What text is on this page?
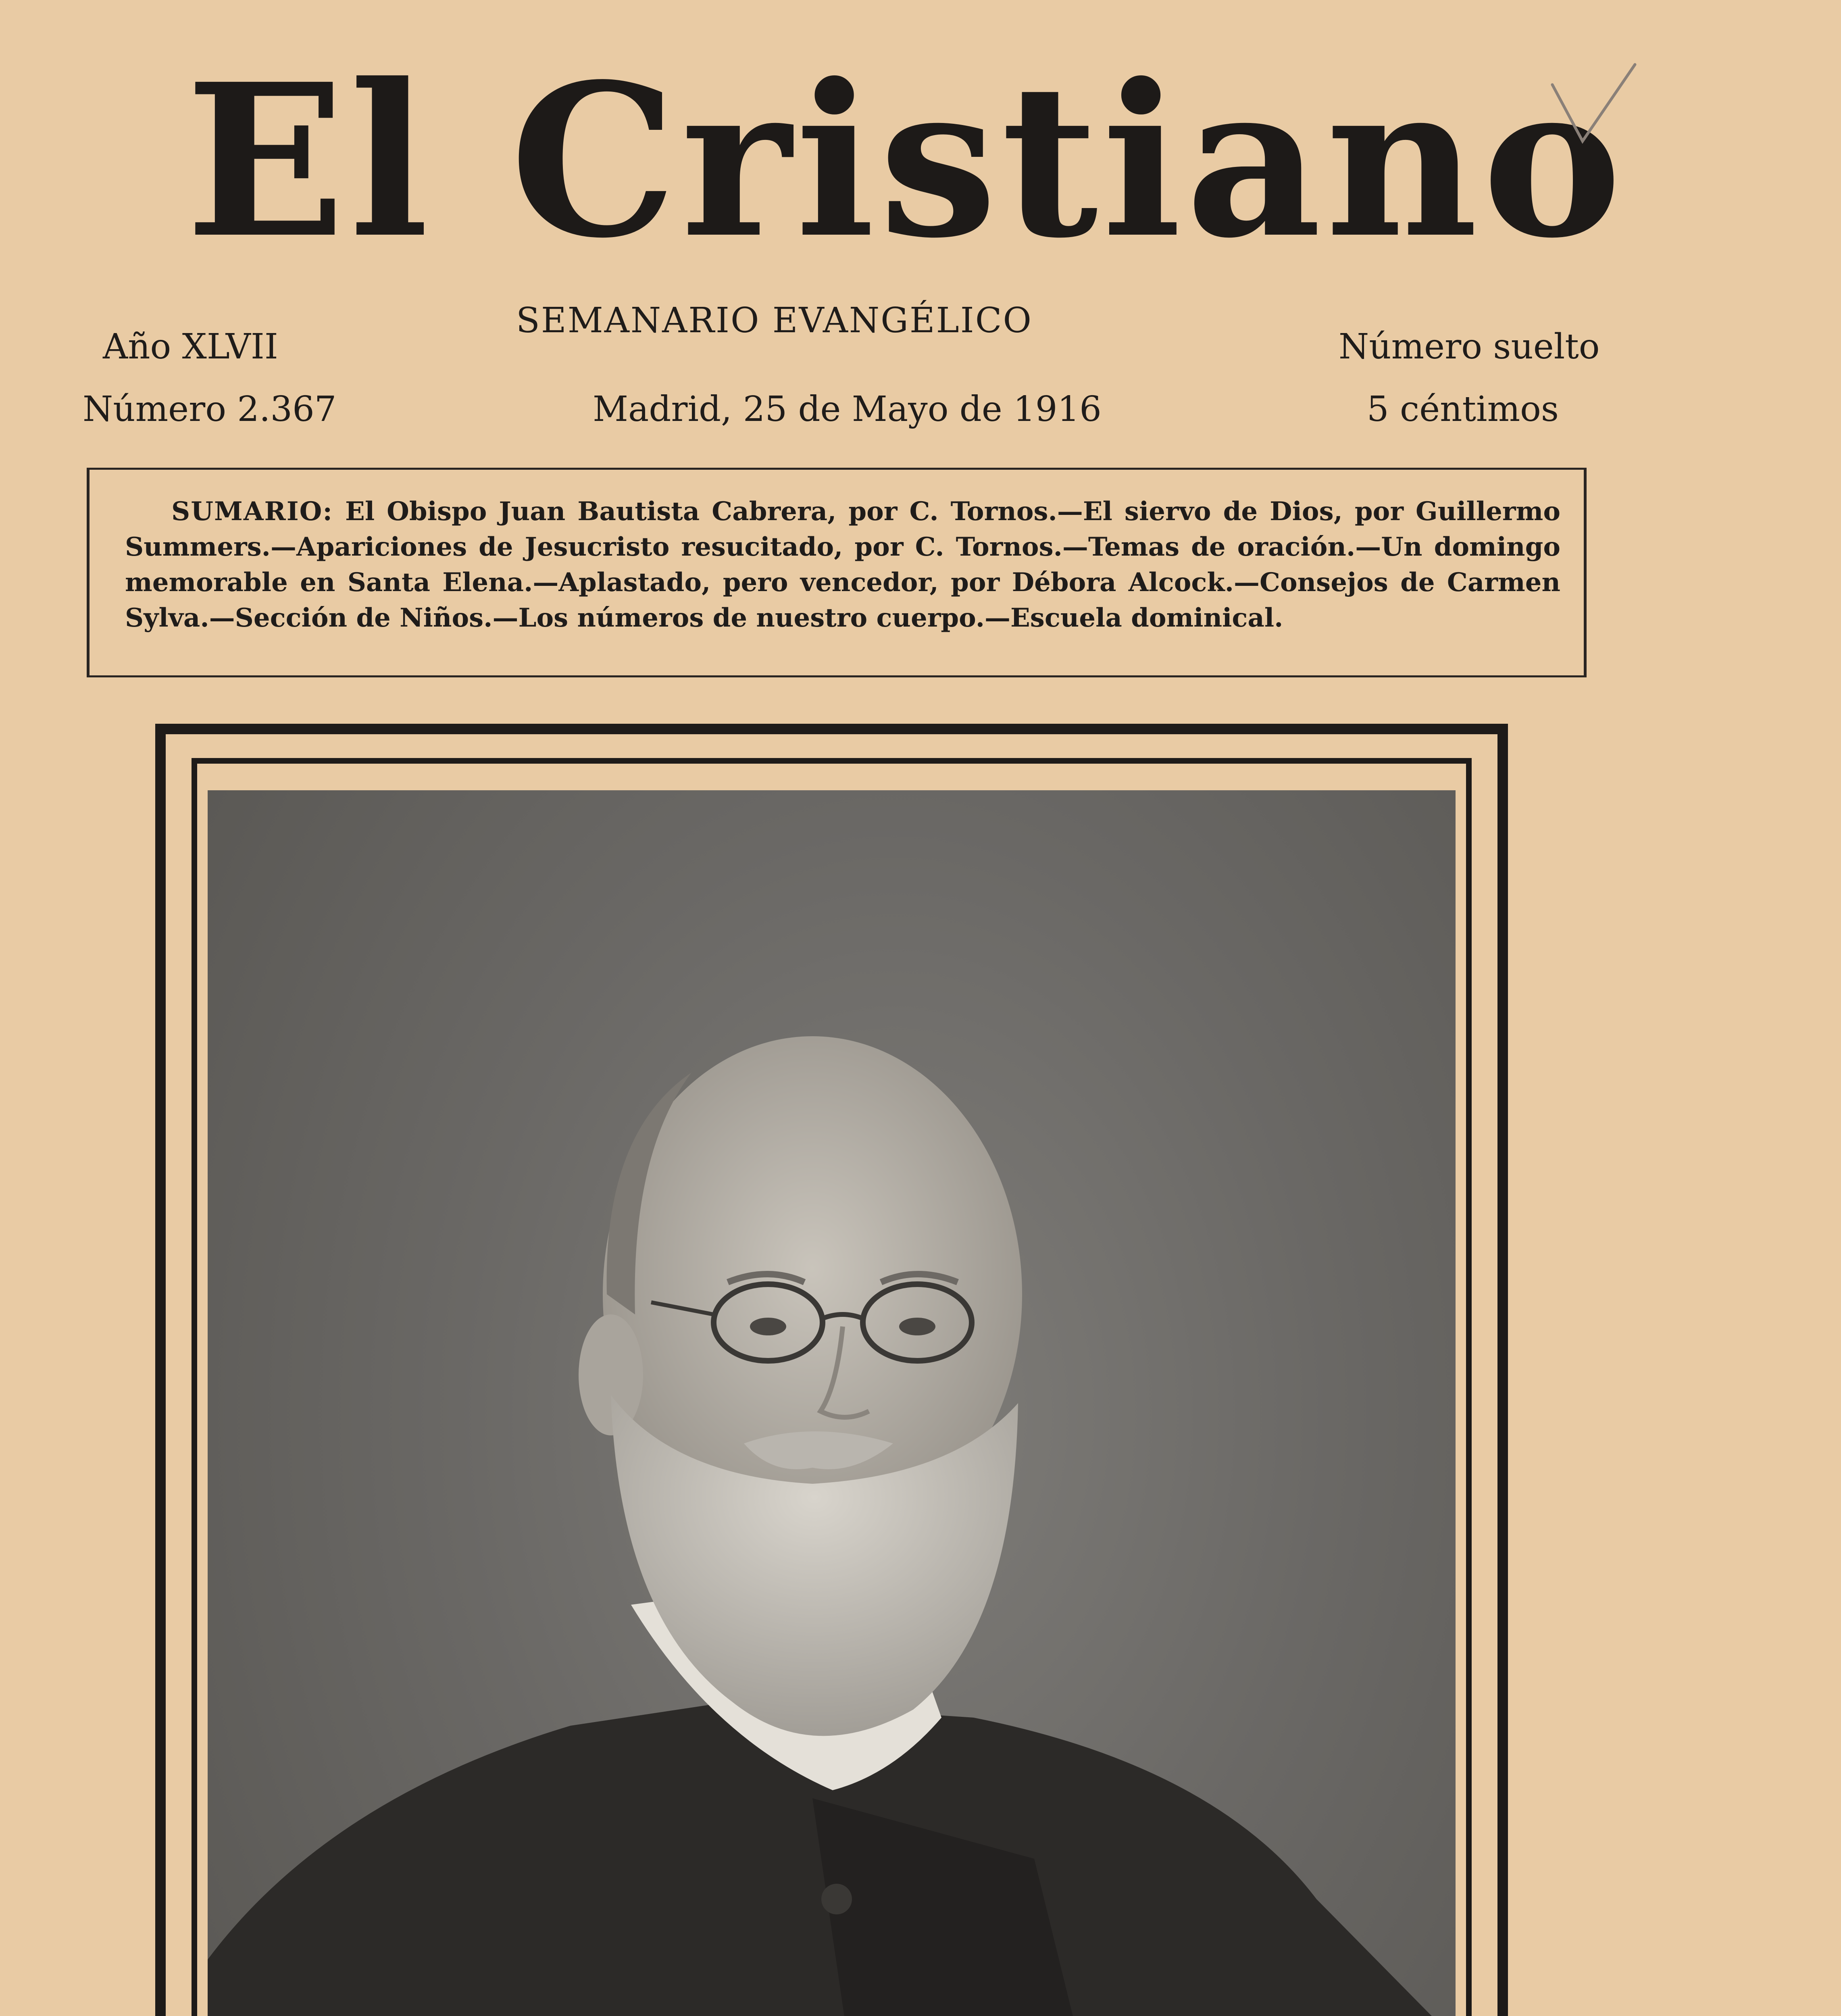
El Cristiano
SEMANARIO EVANGÉLICO
Año XLVII
Número 2.367	Madrid, 25 de Mayo de 1916
Número suelto
5 céntimos
SUMARIO: El Obispo Juan Bautista Cabrera, por C. Tornos.—El siervo de Dios, por Guillermo Summers.—Apariciones de Jesucristo resucitado, por C. Tornos.—Temas de oración.—Un domingo memorable en Santa Elena.—Aplastado, pero vencedor, por Débora Alcock.—Consejos de Carmen Sylva.—Sección de Niños.—Los números de nuestro cuerpo.—Escuela dominical.
